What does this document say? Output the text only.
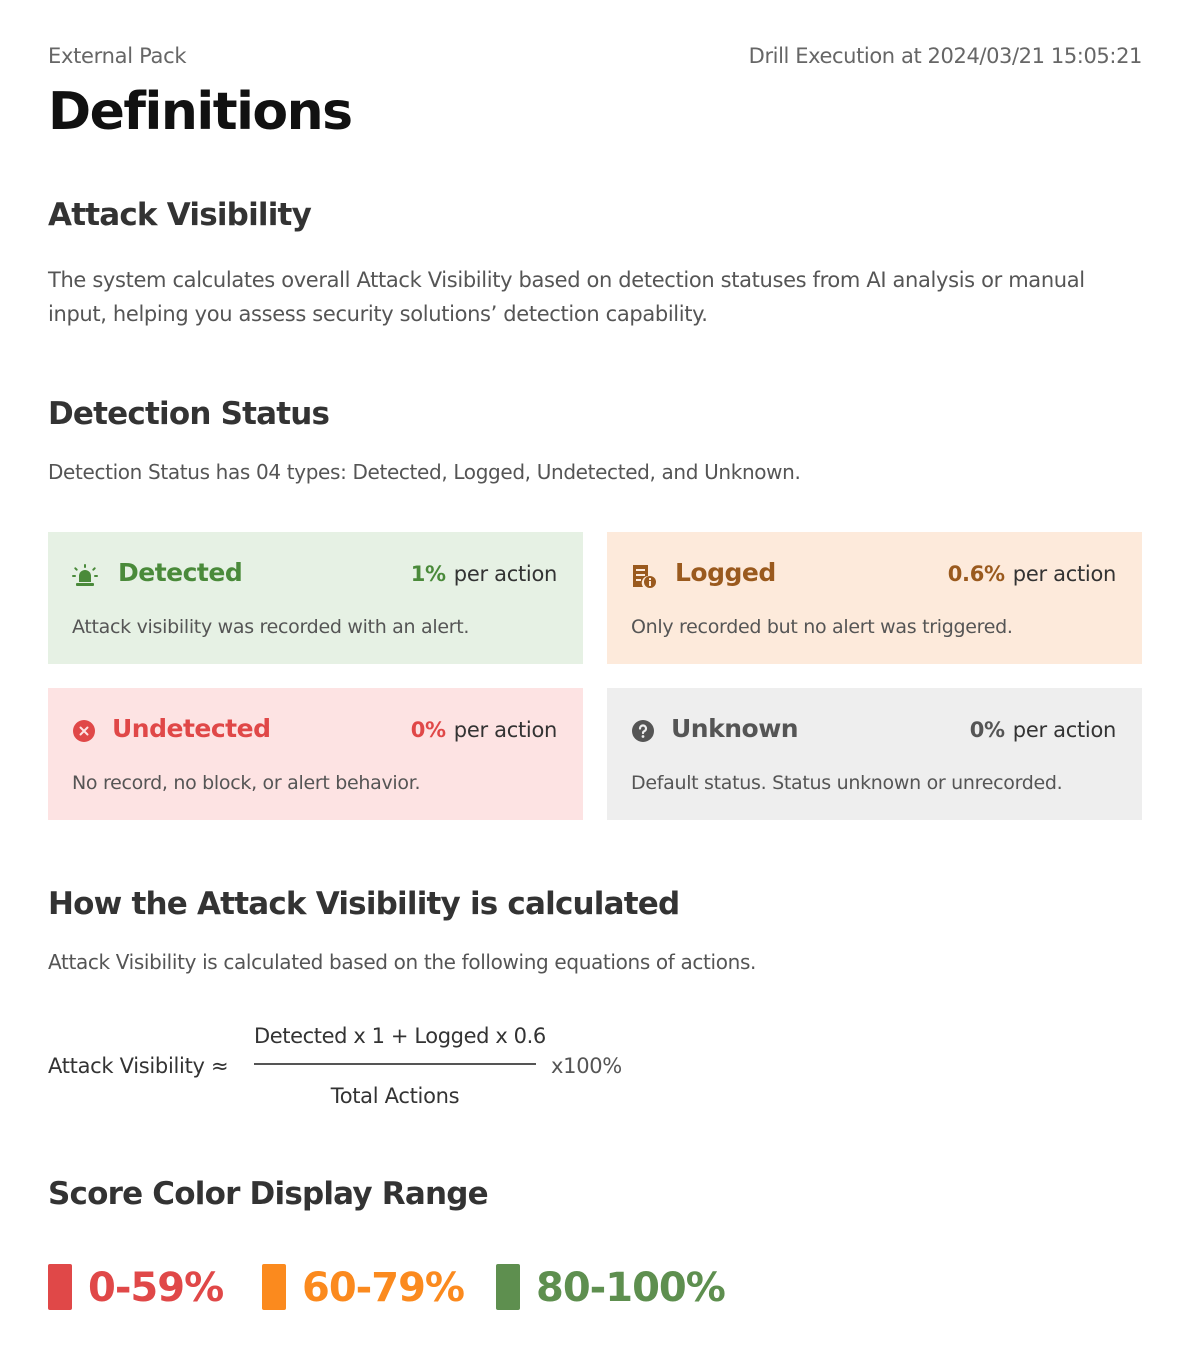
External Pack	Drill Execution at 2024/03/21 15:05:21
Definitions
Attack Visibility

The system calculates overall Attack Visibility based on detection statuses from AI analysis or manual input, helping you assess security solutions’ detection capability.

Detection Status

Detection Status has 04 types: Detected, Logged, Undetected, and Unknown.

Detected	1% per action
Attack visibility was recorded with an alert.
Logged	0.6% per action
Only recorded but no alert was triggered.
Undetected	0% per action
No record, no block, or alert behavior.
Unknown	0% per action
Default status. Status unknown or unrecorded.
How the Attack Visibility is calculated

Attack Visibility is calculated based on the following equations of actions.

Attack Visibility ≈
Detected x 1 + Logged x 0.6
Total Actions
x100%
Score Color Display Range
0-59% 60-79% 80-100%
